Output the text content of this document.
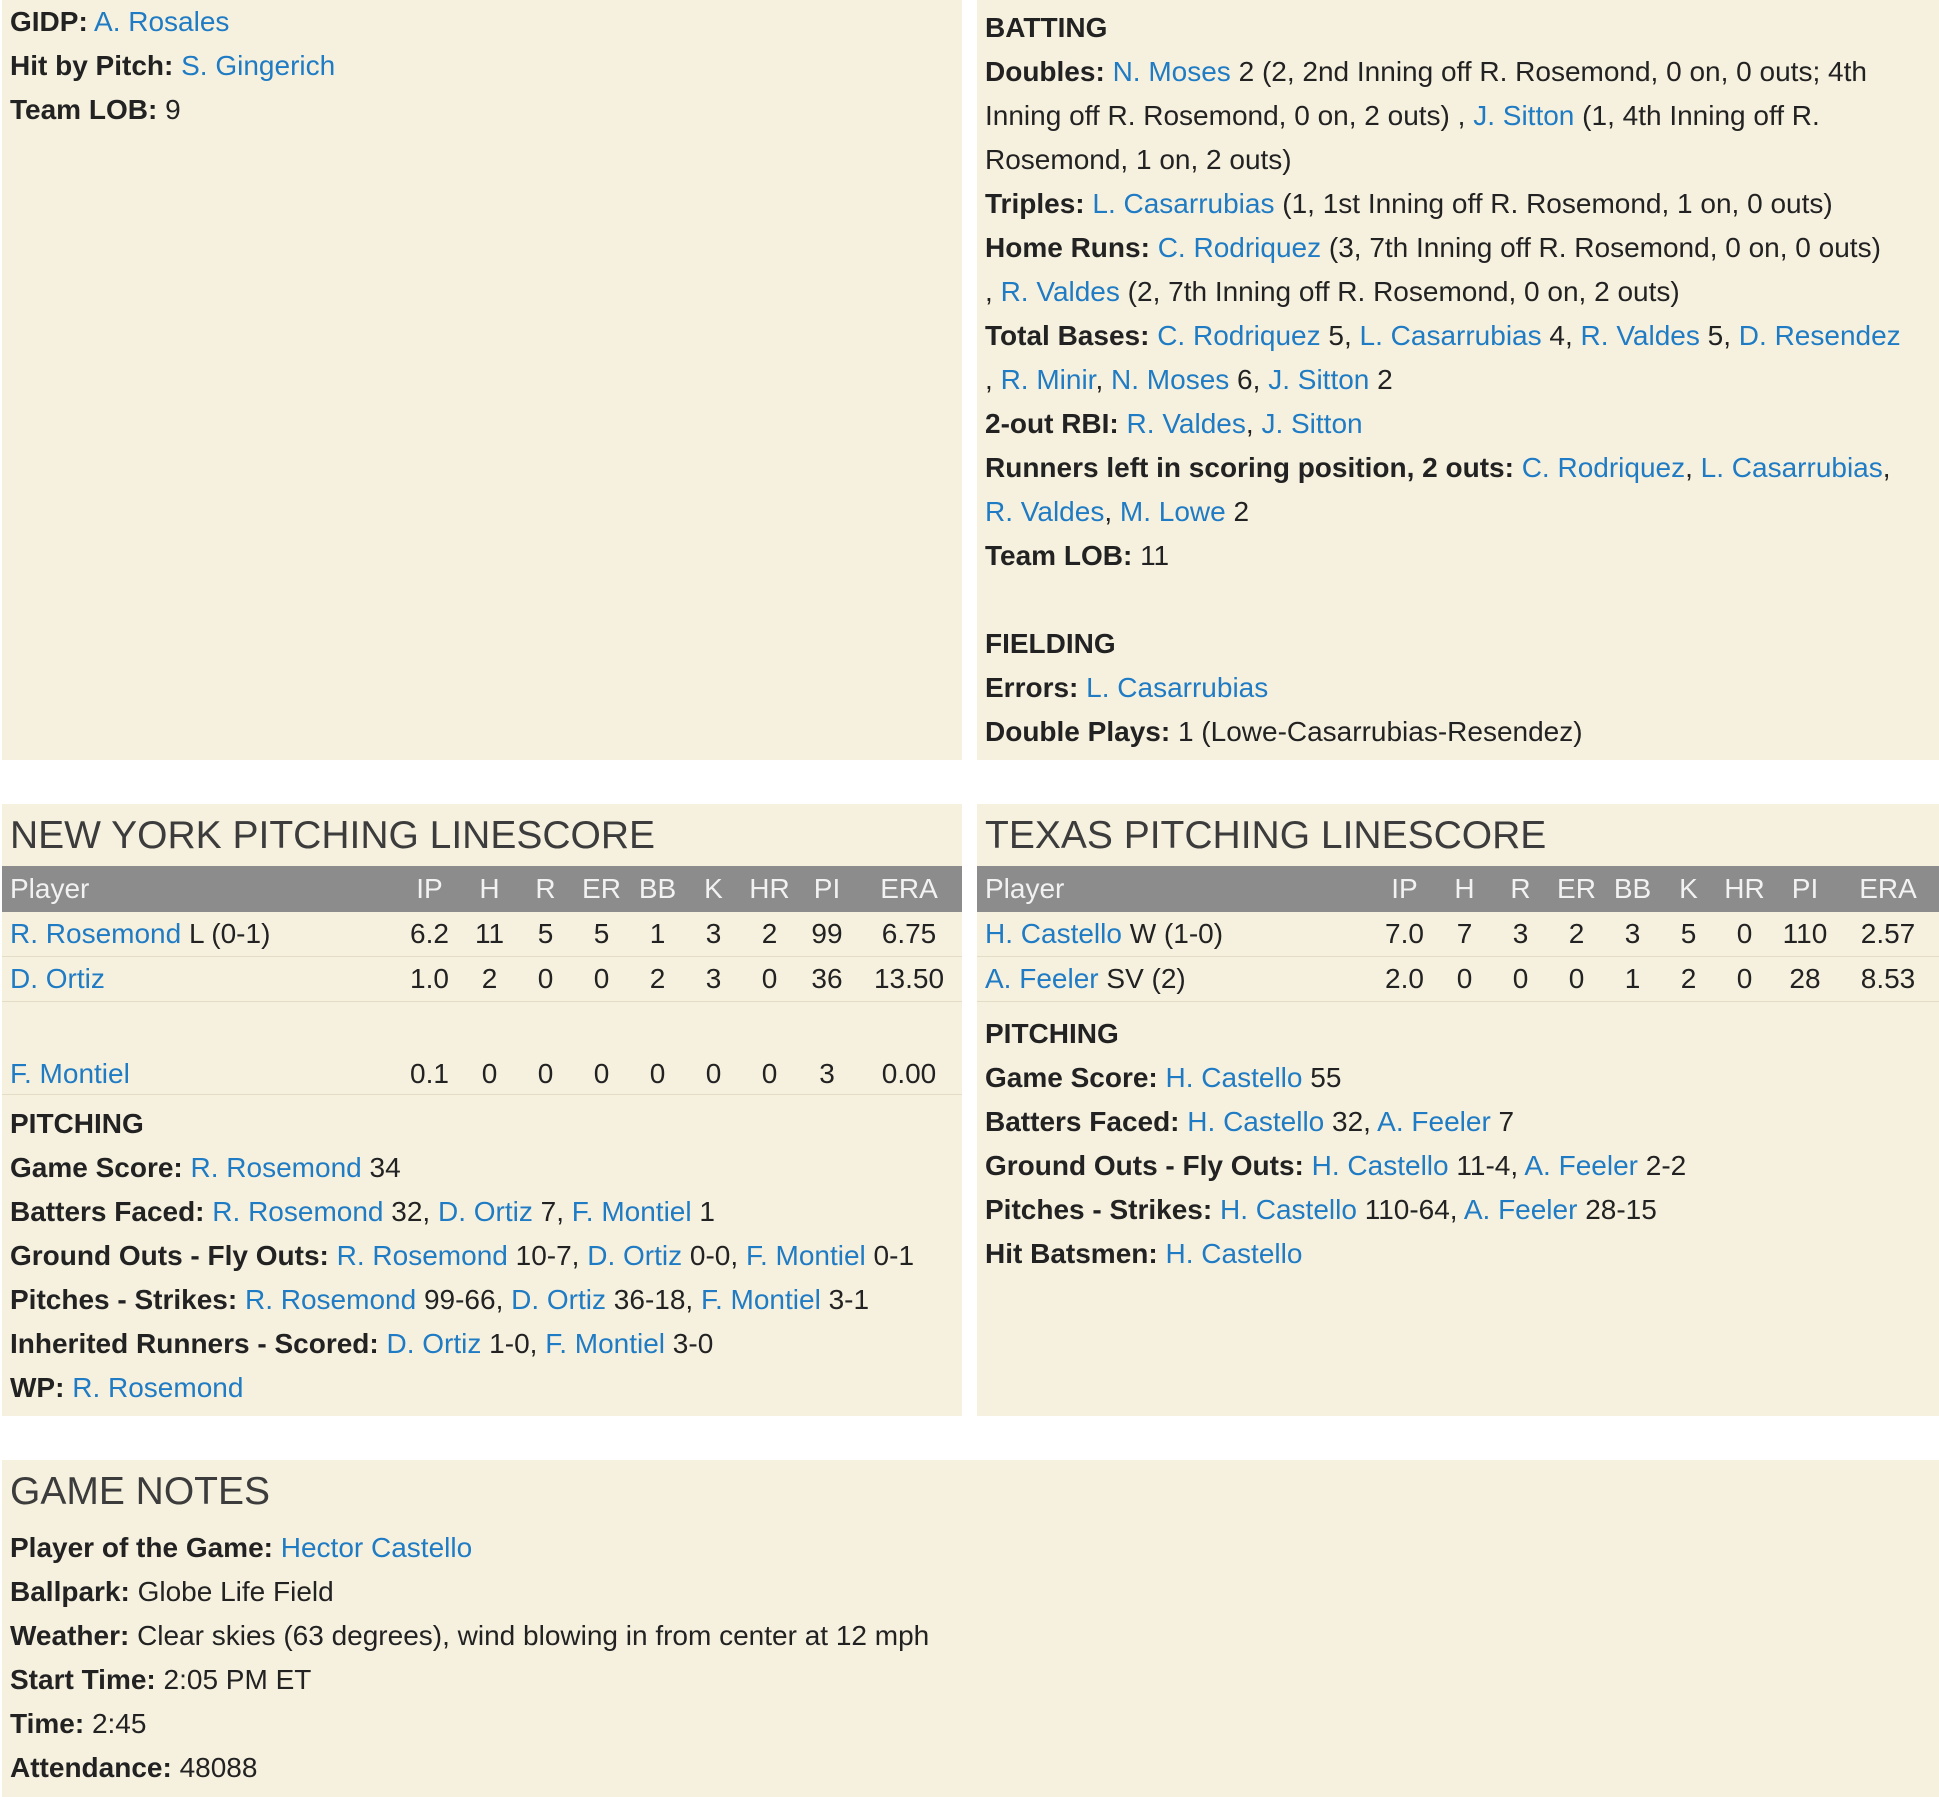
GIDP: A. Rosales
Hit by Pitch: S. Gingerich
Team LOB: 9
BATTING
Doubles: N. Moses 2 (2, 2nd Inning off R. Rosemond, 0 on, 0 outs; 4th
Inning off R. Rosemond, 0 on, 2 outs) , J. Sitton (1, 4th Inning off R.
Rosemond, 1 on, 2 outs)
Triples: L. Casarrubias (1, 1st Inning off R. Rosemond, 1 on, 0 outs)
Home Runs: C. Rodriquez (3, 7th Inning off R. Rosemond, 0 on, 0 outs)
, R. Valdes (2, 7th Inning off R. Rosemond, 0 on, 2 outs)
Total Bases: C. Rodriquez 5, L. Casarrubias 4, R. Valdes 5, D. Resendez
, R. Minir, N. Moses 6, J. Sitton 2
2-out RBI: R. Valdes, J. Sitton
Runners left in scoring position, 2 outs: C. Rodriquez, L. Casarrubias,
R. Valdes, M. Lowe 2
Team LOB: 11
FIELDING
Errors: L. Casarrubias
Double Plays: 1 (Lowe-Casarrubias-Resendez)
NEW YORK PITCHING LINESCORE
Player	IP	H	R	ER	BB	K	HR	PI	ERA
R. Rosemond L (0-1)	6.2	11	5	5	1	3	2	99	6.75
D. Ortiz	1.0	2	0	0	2	3	0	36	13.50
F. Montiel	0.1	0	0	0	0	0	0	3	0.00
PITCHING
Game Score: R. Rosemond 34
Batters Faced: R. Rosemond 32, D. Ortiz 7, F. Montiel 1
Ground Outs - Fly Outs: R. Rosemond 10-7, D. Ortiz 0-0, F. Montiel 0-1
Pitches - Strikes: R. Rosemond 99-66, D. Ortiz 36-18, F. Montiel 3-1
Inherited Runners - Scored: D. Ortiz 1-0, F. Montiel 3-0
WP: R. Rosemond
TEXAS PITCHING LINESCORE
Player	IP	H	R	ER	BB	K	HR	PI	ERA
H. Castello W (1-0)	7.0	7	3	2	3	5	0	110	2.57
A. Feeler SV (2)	2.0	0	0	0	1	2	0	28	8.53
PITCHING
Game Score: H. Castello 55
Batters Faced: H. Castello 32, A. Feeler 7
Ground Outs - Fly Outs: H. Castello 11-4, A. Feeler 2-2
Pitches - Strikes: H. Castello 110-64, A. Feeler 28-15
Hit Batsmen: H. Castello
GAME NOTES
Player of the Game: Hector Castello
Ballpark: Globe Life Field
Weather: Clear skies (63 degrees), wind blowing in from center at 12 mph
Start Time: 2:05 PM ET
Time: 2:45
Attendance: 48088
